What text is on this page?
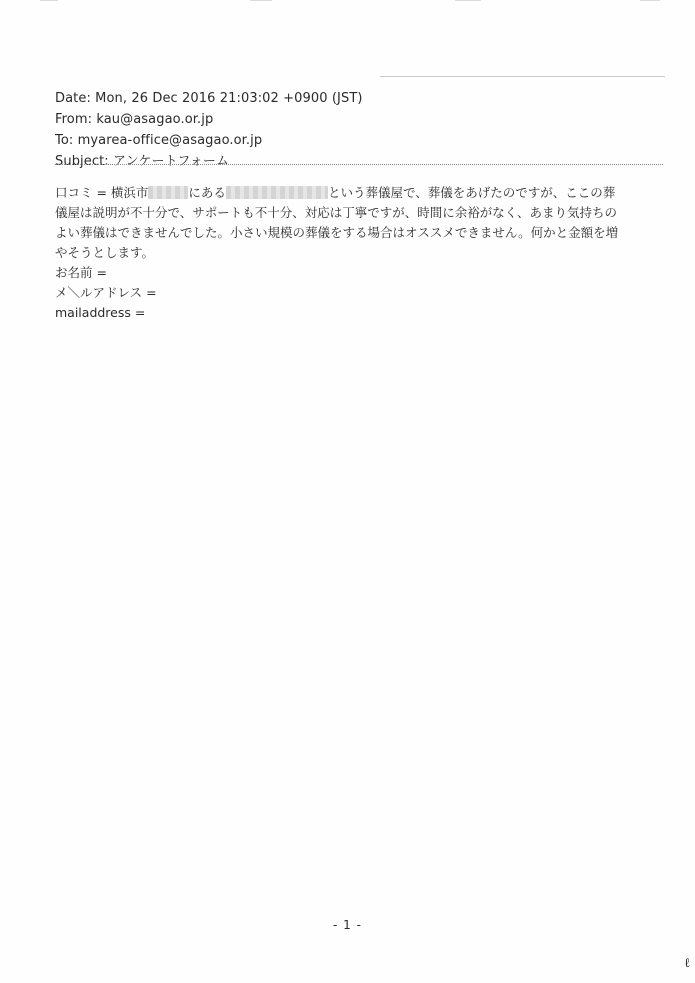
Date: Mon, 26 Dec 2016 21:03:02 +0900 (JST)
From: kau@asagao.or.jp
To: myarea-office@asagao.or.jp
Subject: アンケートフォーム
口コミ = 横浜市	にある	という葬儀屋で、葬儀をあげたのですが、ここの葬
儀屋は説明が不十分で、サポートも不十分、対応は丁寧ですが、時間に余裕がなく、あまり気持ちの
よい葬儀はできませんでした。小さい規模の葬儀をする場合はオススメできません。何かと金額を増
やそうとします。
お名前 =
メ＼ルアドレス =
mailaddress =
- 1 -
ℓ
